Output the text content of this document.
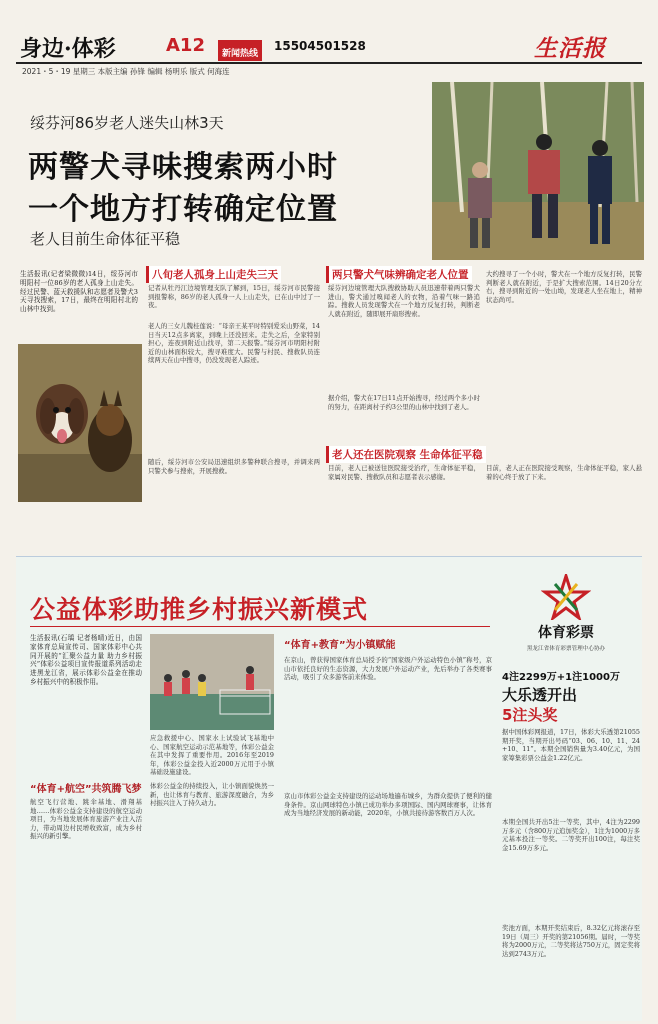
身边·体彩	A12	新闻热线
15504501528	生活报
2021・5・19 星期三 本版主编 孙锋 编辑 杨明乐 版式 何海连
绥芬河86岁老人迷失山林3天
两警犬寻味搜索两小时
一个地方打转确定位置
老人目前生命体征平稳
生活报讯(记者梁微微)14日，绥芬河市明阳村一位86岁的老人孤身上山走失。经过民警、蓝天救援队和志愿者及警犬3天寻找搜索，17日，最终在明阳村北的山林中找到。
八旬老人孤身上山走失三天
记者从牡丹江边境管理支队了解到，15日，绥芬河市民警接到报警称，86岁的老人孤身一人上山走失，已在山中过了一夜。
老人的三女儿魏桂莲说：“母亲王某平时特别爱采山野菜，14日当天12点多离家，到晚上还没回来。走失之后，全家特别担心，连夜到附近山找寻，第二天报警。”绥芬河市明阳村附近的山林面积较大，搜寻难度大。民警与村民、搜救队员连续两天在山中搜寻，仍没发现老人踪迹。
随后，绥芬河市公安局迅速组织多警种联合搜寻，并调来两只警犬参与搜索，开展搜救。
两只警犬气味辨确定老人位置
绥芬河边境管理大队搜救协助人员迅速带着两只警犬进山，警犬通过嗅闻老人的衣物，沿着气味一路追踪。搜救人员发现警犬在一个地方反复打转，判断老人就在附近，随即展开扇形搜索。
据介绍，警犬在17日11点开始搜寻，经过两个多小时的努力，在距离村子约3公里的山林中找到了老人。
老人还在医院观察 生命体征平稳
目前，老人已被送往医院接受治疗，生命体征平稳，家属对民警、搜救队员和志愿者表示感谢。
大约搜寻了一个小时，警犬在一个地方反复打转，民警判断老人就在附近，于是扩大搜索范围。14日20分左右，搜寻到附近的一处山坳，发现老人坐在地上，精神状态尚可。
目前，老人正在医院接受观察，生命体征平稳，家人悬着的心终于放了下来。
公益体彩助推乡村振兴新模式
生活报讯(石瑀 记者杨晴)近日，由国家体育总局宣传司、国家体彩中心共同开展的“汇聚公益力量 助力乡村振兴”体彩公益项目宣传报道系列活动走进黑龙江省，展示体彩公益金在推动乡村振兴中的积极作用。
应急救援中心、国家水上试验试飞基地中心、国家航空运动示范基地等，体彩公益金在其中发挥了重要作用。2016年至2019年，体彩公益金投入近2000万元用于小镇基础设施建设。
“体育+航空”共筑腾飞梦
航空飞行营地、跳伞基地、滑翔基地……体彩公益金支持建设的航空运动项目，为当地发展体育旅游产业注入活力，带动周边村民增收致富，成为乡村振兴的新引擎。
体彩公益金的持续投入，让小镇面貌焕然一新，也让体育与教育、旅游深度融合，为乡村振兴注入了持久动力。
“体育+教育”为小镇赋能
在京山，曾获得国家体育总局授予的“国家级户外运动特色小镇”称号，京山市依托良好的生态资源，大力发展户外运动产业，先后举办了各类赛事活动，吸引了众多游客前来体验。
京山市体彩公益金支持建设的运动场地遍布城乡，为群众提供了便利的健身条件。京山网球特色小镇已成功举办多项国际、国内网球赛事，让体育成为当地经济发展的新动能，2020年，小镇共接待游客数百万人次。
体育彩票
黑龙江省体育彩票管理中心协办
4注2299万+1注1000万
大乐透开出
5注头奖
据中国体彩网报道，17日，体彩大乐透第21055期开奖，当期开出号码“03、06、10、11、24+10、11”。本期全国销售量为3.40亿元，为国家筹集彩票公益金1.22亿元。
本期全国共开出5注一等奖，其中，4注为2299万多元（含800万元追加奖金），1注为1000万多元基本投注一等奖。二等奖开出100注，每注奖金15.69万多元。
奖池方面，本期开奖结束后，8.32亿元将滚存至19日（周三）开奖的第21056期。届时，一等奖将为2000万元，二等奖将达750万元，固定奖将达到2743万元。
